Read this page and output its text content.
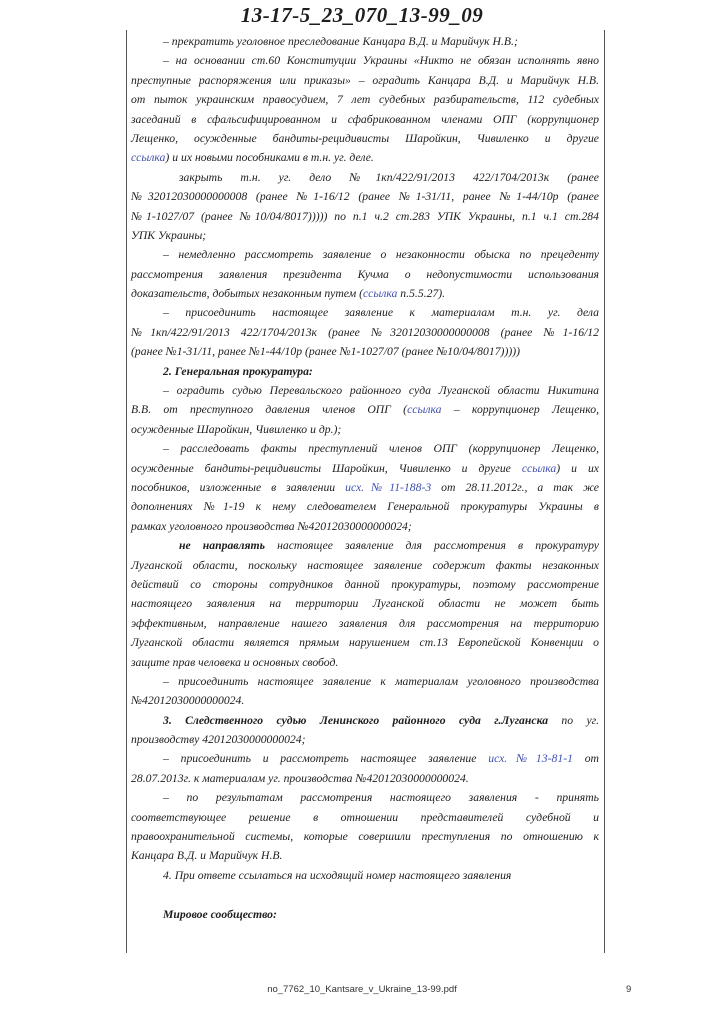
13-17-5_23_070_13-99_09
– прекратить уголовное преследование Канцара В.Д. и Марийчук Н.В.;
– на основании ст.60 Конституции Украины «Никто не обязан исполнять явно
преступные распоряжения или приказы» – оградить Канцара В.Д. и Марийчук Н.В.
от пыток украинским правосудием, 7 лет судебных разбирательств, 112 судебных
заседаний в сфальсифицированном и сфабрикованном членами ОПГ (коррупционер
Лещенко, осужденные бандиты-рецидивисты Шаройкин, Чивиленко и другие
ссылка) и их новыми пособниками в т.н. уг. деле.
закрыть т.н. уг. дело №1кп/422/91/2013 422/1704/2013к (ранее
№32012030000000008 (ранее №1-16/12 (ранее №1-31/11, ранее №1-44/10р (ранее
№1-1027/07 (ранее №10/04/8017))))) по п.1 ч.2 ст.283 УПК Украины, п.1 ч.1 ст.284
УПК Украины;
– немедленно рассмотреть заявление о незаконности обыска по прецеденту
рассмотрения заявления президента Кучма о недопустимости использования
доказательств, добытых незаконным путем (ссылка п.5.5.27).
– присоединить настоящее заявление к материалам т.н. уг. дела
№1кп/422/91/2013 422/1704/2013к (ранее №32012030000000008 (ранее №1-16/12
(ранее №1-31/11, ранее №1-44/10р (ранее №1-1027/07 (ранее №10/04/8017)))))
2. Генеральная прокуратура:
– оградить судью Перевальского районного суда Луганской области Никитина
В.В. от преступного давления членов ОПГ (ссылка – коррупционер Лещенко,
осужденные Шаройкин, Чивиленко и др.);
– расследовать факты преступлений членов ОПГ (коррупционер Лещенко,
осужденные бандиты-рецидивисты Шаройкин, Чивиленко и другие ссылка) и их
пособников, изложенные в заявлении исх.№11-188-3 от 28.11.2012г., а так же
дополнениях №1-19 к нему следователем Генеральной прокуратуры Украины в
рамках уголовного производства №42012030000000024;
не направлять настоящее заявление для рассмотрения в прокуратуру
Луганской области, поскольку настоящее заявление содержит факты незаконных
действий со стороны сотрудников данной прокуратуры, поэтому рассмотрение
настоящего заявления на территории Луганской области не может быть
эффективным, направление нашего заявления для рассмотрения на территорию
Луганской области является прямым нарушением ст.13 Европейской Конвенции о
защите прав человека и основных свобод.
– присоединить настоящее заявление к материалам уголовного производства
№42012030000000024.
3. Следственного судью Ленинского районного суда г.Луганска по уг.
производству 42012030000000024;
– присоединить и рассмотреть настоящее заявление исх.№13-81-1 от
28.07.2013г. к материалам уг. производства №42012030000000024.
– по результатам рассмотрения настоящего заявления - принять
соответствующее решение в отношении представителей судебной и
правоохранительной системы, которые совершили преступления по отношению к
Канцара В.Д. и Марийчук Н.В.
4. При ответе ссылаться на исходящий номер настоящего заявления
Мировое сообщество:
no_7762_10_Kantsare_v_Ukraine_13-99.pdf	9
